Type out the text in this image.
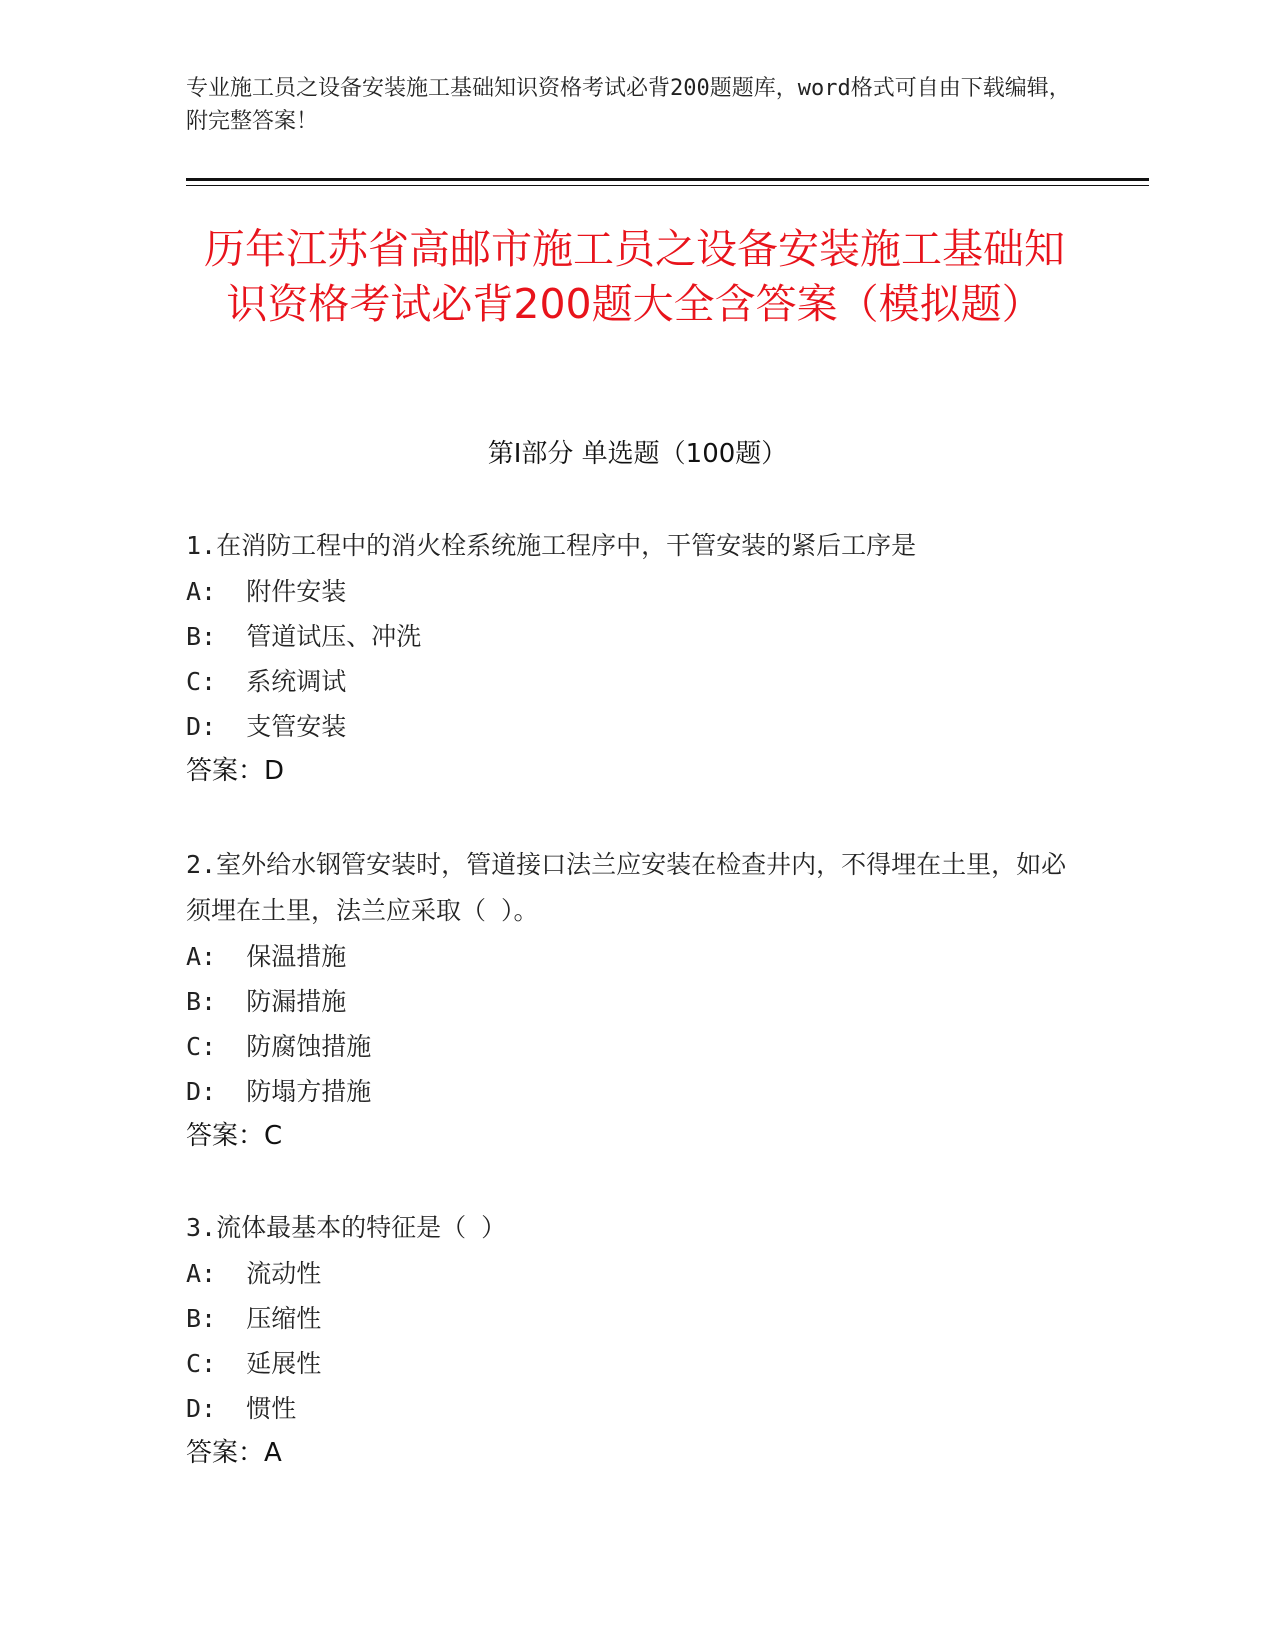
专业施工员之设备安装施工基础知识资格考试必背200题题库，word格式可自由下载编辑，附完整答案！
历年江苏省高邮市施工员之设备安装施工基础知识资格考试必背200题大全含答案（模拟题）
第I部分 单选题（100题）

1.在消防工程中的消火栓系统施工程序中，干管安装的紧后工序是

A:  附件安装

B:  管道试压、冲洗

C:  系统调试

D:  支管安装

答案：D

2.室外给水钢管安装时，管道接口法兰应安装在检查井内，不得埋在土里，如必须埋在土里，法兰应采取（ ）。

A:  保温措施

B:  防漏措施

C:  防腐蚀措施

D:  防塌方措施

答案：C

3.流体最基本的特征是（ ）

A:  流动性

B:  压缩性

C:  延展性

D:  惯性

答案：A
